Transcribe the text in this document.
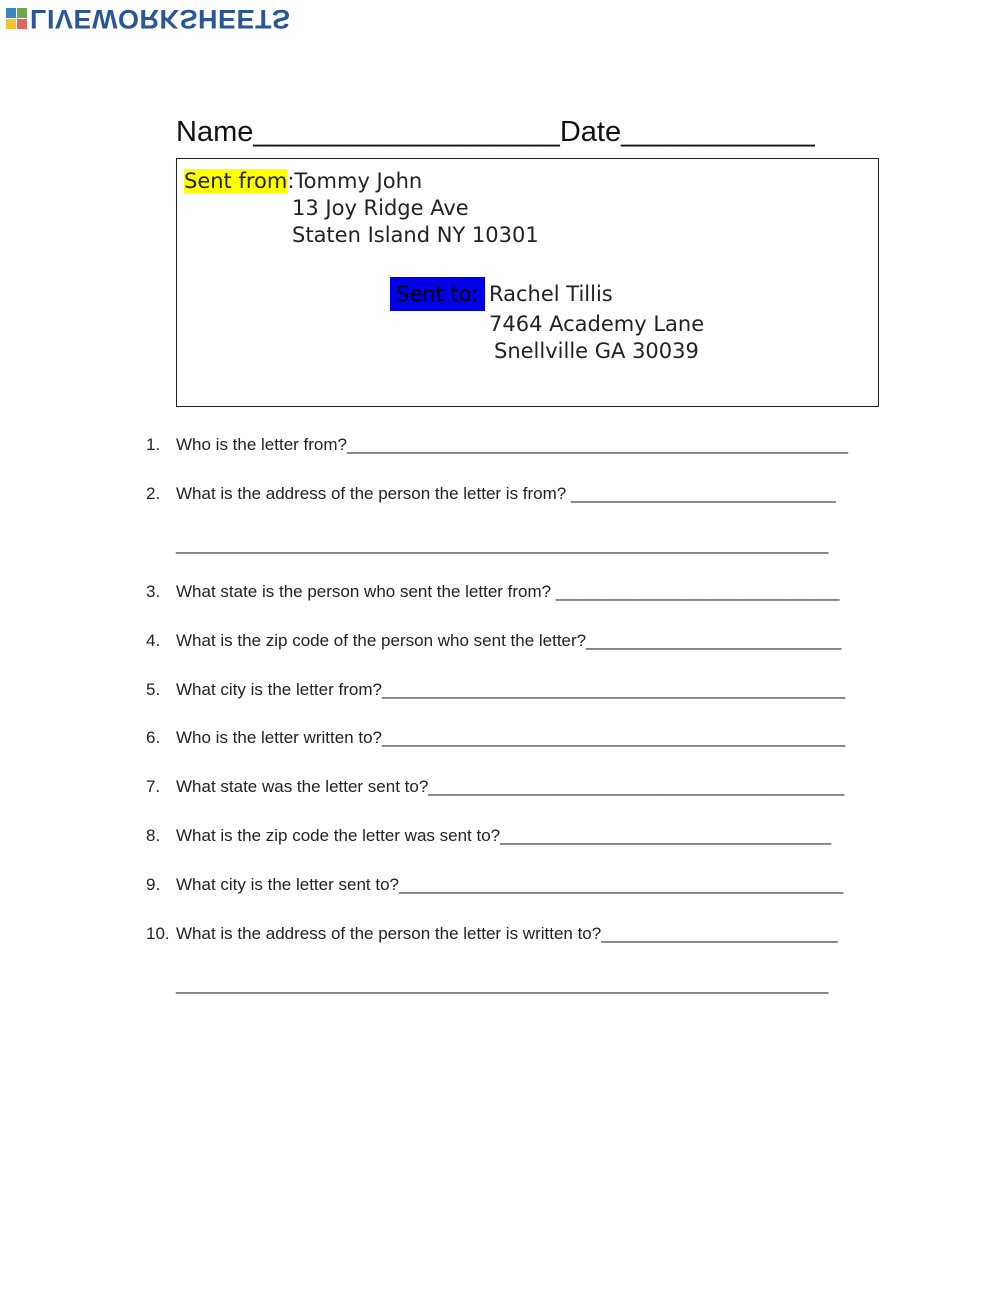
LIVEWORKSHEETS
Name___________________Date____________
Sent from:Tommy John
13 Joy Ridge Ave
Staten Island NY 10301
Sent to: Rachel Tillis
7464 Academy Lane
Snellville GA 30039
1. Who is the letter from?_____________________________________________________
2. What is the address of the person the letter is from? ____________________________
_____________________________________________________________________
3. What state is the person who sent the letter from? ______________________________
4. What is the zip code of the person who sent the letter?___________________________
5. What city is the letter from?_________________________________________________
6. Who is the letter written to?_________________________________________________
7. What state was the letter sent to?____________________________________________
8. What is the zip code the letter was sent to?___________________________________
9. What city is the letter sent to?_______________________________________________
10. What is the address of the person the letter is written to?_________________________
_____________________________________________________________________
